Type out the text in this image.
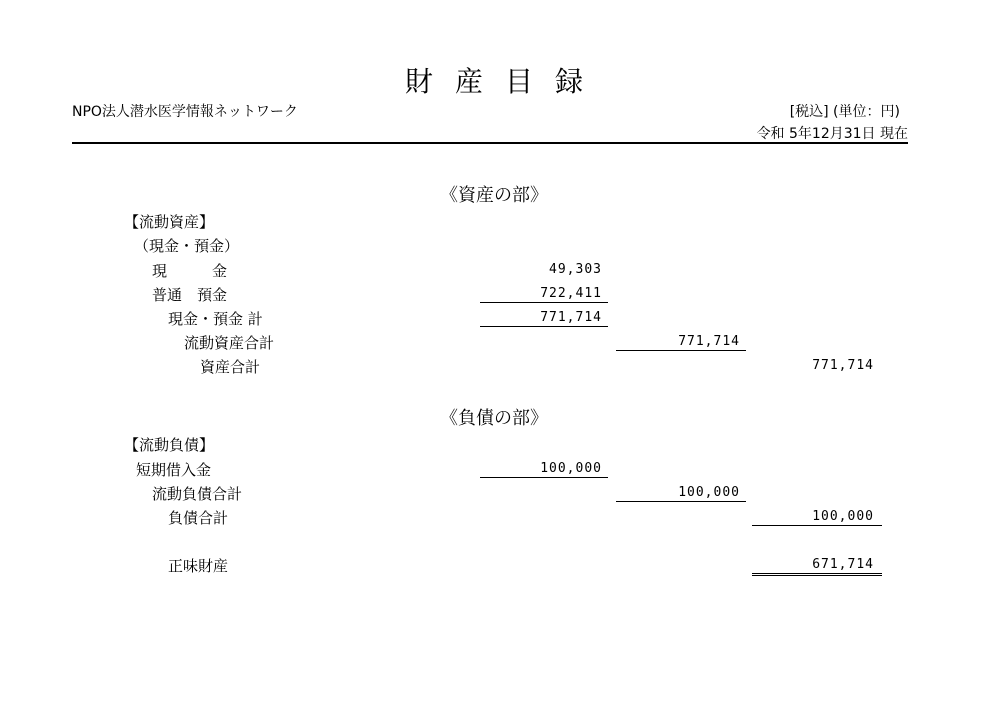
財産目録
NPO法人潜水医学情報ネットワーク	[税込] (単位：円)
令和 5年12月31日 現在
《資産の部》
【流動資産】
（現金・預金）
現　　　金	49,303
普通　預金	722,411
現金・預金 計	771,714
流動資産合計	771,714
資産合計	771,714
《負債の部》
【流動負債】
短期借入金	100,000
流動負債合計	100,000
負債合計	100,000
正味財産	671,714
